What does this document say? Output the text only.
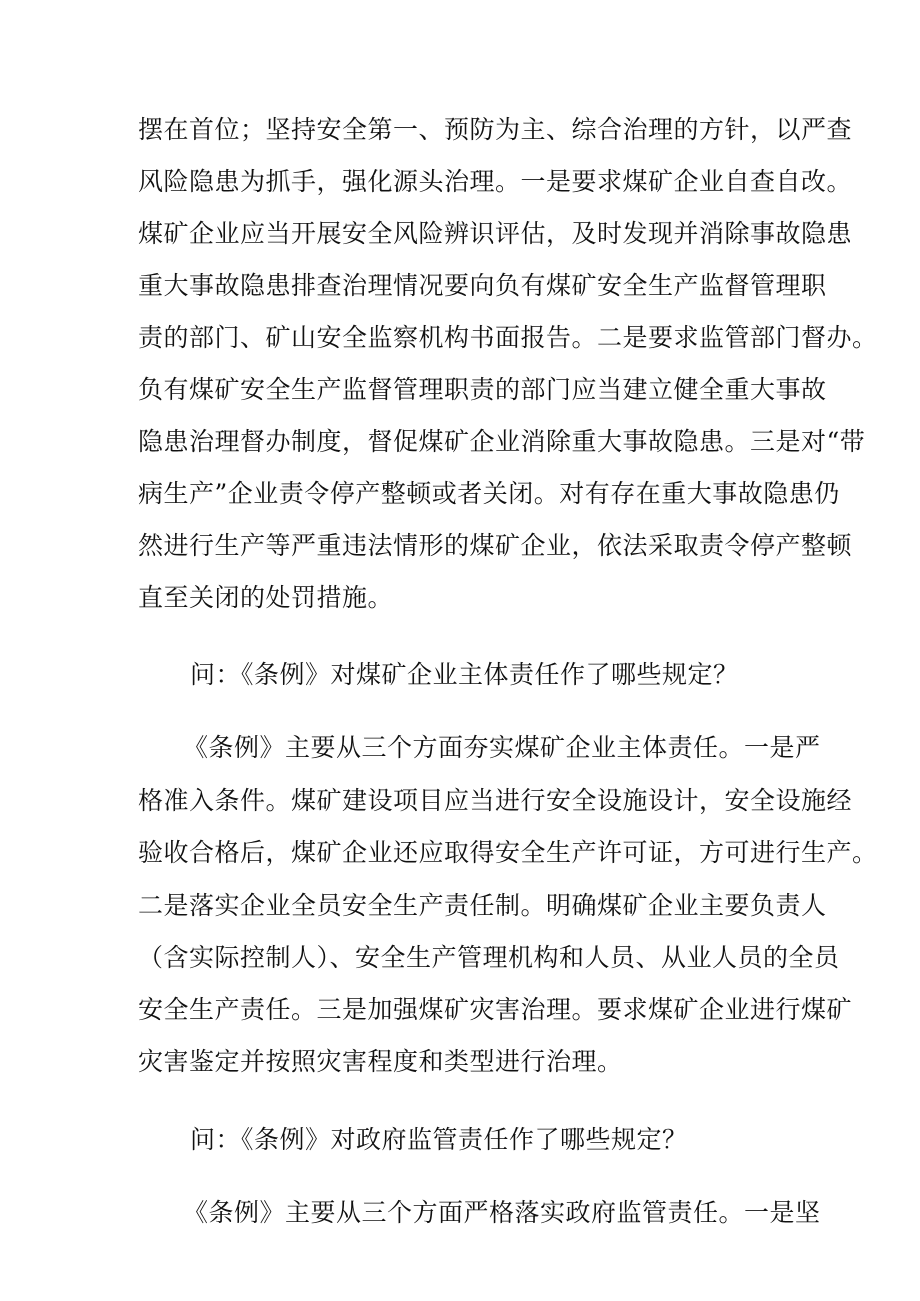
摆在首位；坚持安全第一、预防为主、综合治理的方针，以严查
风险隐患为抓手，强化源头治理。一是要求煤矿企业自查自改。
煤矿企业应当开展安全风险辨识评估，及时发现并消除事故隐患
重大事故隐患排查治理情况要向负有煤矿安全生产监督管理职
责的部门、矿山安全监察机构书面报告。二是要求监管部门督办。
负有煤矿安全生产监督管理职责的部门应当建立健全重大事故
隐患治理督办制度，督促煤矿企业消除重大事故隐患。三是对“带
病生产”企业责令停产整顿或者关闭。对有存在重大事故隐患仍
然进行生产等严重违法情形的煤矿企业，依法采取责令停产整顿
直至关闭的处罚措施。
问：《条例》对煤矿企业主体责任作了哪些规定？
《条例》主要从三个方面夯实煤矿企业主体责任。一是严
格准入条件。煤矿建设项目应当进行安全设施设计，安全设施经
验收合格后，煤矿企业还应取得安全生产许可证，方可进行生产。
二是落实企业全员安全生产责任制。明确煤矿企业主要负责人
（含实际控制人）、安全生产管理机构和人员、从业人员的全员
安全生产责任。三是加强煤矿灾害治理。要求煤矿企业进行煤矿
灾害鉴定并按照灾害程度和类型进行治理。
问：《条例》对政府监管责任作了哪些规定？
《条例》主要从三个方面严格落实政府监管责任。一是坚
